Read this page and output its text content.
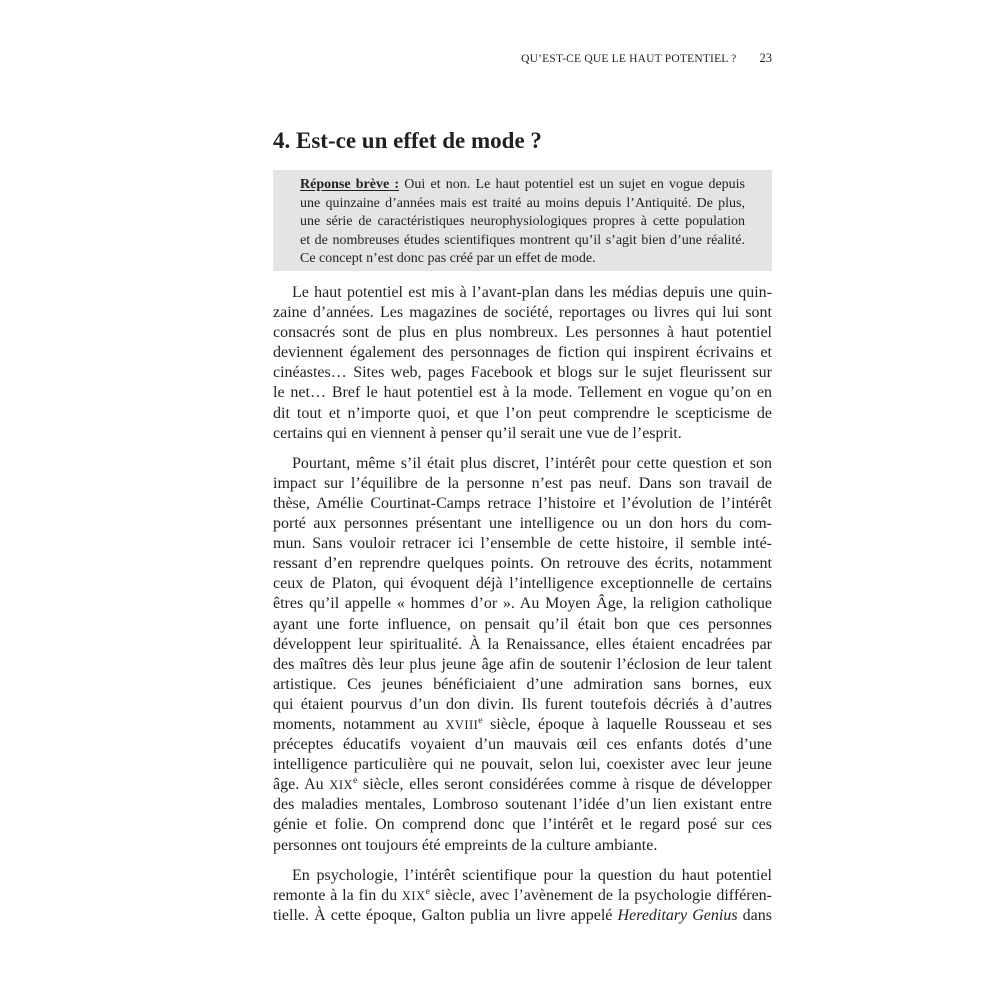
QU’EST-CE QUE LE HAUT POTENTIEL ? 23
4. Est-ce un effet de mode ?
Réponse brève : Oui et non. Le haut potentiel est un sujet en vogue depuis
une quinzaine d’années mais est traité au moins depuis l’Antiquité. De plus,
une série de caractéristiques neurophysiologiques propres à cette population
et de nombreuses études scientifiques montrent qu’il s’agit bien d’une réalité.
Ce concept n’est donc pas créé par un effet de mode.
Le haut potentiel est mis à l’avant-plan dans les médias depuis une quin-
zaine d’années. Les magazines de société, reportages ou livres qui lui sont
consacrés sont de plus en plus nombreux. Les personnes à haut potentiel
deviennent également des personnages de fiction qui inspirent écrivains et
cinéastes… Sites web, pages Facebook et blogs sur le sujet fleurissent sur
le net… Bref le haut potentiel est à la mode. Tellement en vogue qu’on en
dit tout et n’importe quoi, et que l’on peut comprendre le scepticisme de
certains qui en viennent à penser qu’il serait une vue de l’esprit.
Pourtant, même s’il était plus discret, l’intérêt pour cette question et son
impact sur l’équilibre de la personne n’est pas neuf. Dans son travail de
thèse, Amélie Courtinat-Camps retrace l’histoire et l’évolution de l’intérêt
porté aux personnes présentant une intelligence ou un don hors du com-
mun. Sans vouloir retracer ici l’ensemble de cette histoire, il semble inté-
ressant d’en reprendre quelques points. On retrouve des écrits, notamment
ceux de Platon, qui évoquent déjà l’intelligence exceptionnelle de certains
êtres qu’il appelle « hommes d’or ». Au Moyen Âge, la religion catholique
ayant une forte influence, on pensait qu’il était bon que ces personnes
développent leur spiritualité. À la Renaissance, elles étaient encadrées par
des maîtres dès leur plus jeune âge afin de soutenir l’éclosion de leur talent
artistique. Ces jeunes bénéficiaient d’une admiration sans bornes, eux
qui étaient pourvus d’un don divin. Ils furent toutefois décriés à d’autres
moments, notamment au XVIIIe siècle, époque à laquelle Rousseau et ses
préceptes éducatifs voyaient d’un mauvais œil ces enfants dotés d’une
intelligence particulière qui ne pouvait, selon lui, coexister avec leur jeune
âge. Au XIXe siècle, elles seront considérées comme à risque de développer
des maladies mentales, Lombroso soutenant l’idée d’un lien existant entre
génie et folie. On comprend donc que l’intérêt et le regard posé sur ces
personnes ont toujours été empreints de la culture ambiante.
En psychologie, l’intérêt scientifique pour la question du haut potentiel
remonte à la fin du XIXe siècle, avec l’avènement de la psychologie différen-
tielle. À cette époque, Galton publia un livre appelé Hereditary Genius dans
